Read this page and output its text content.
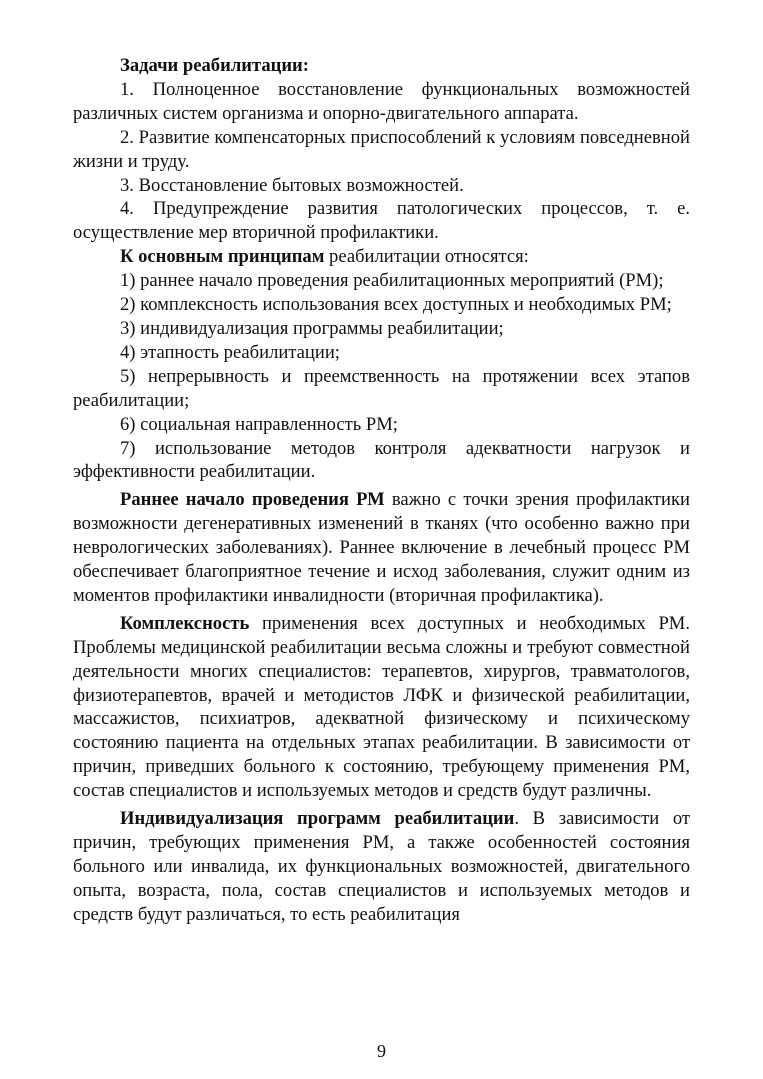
Задачи реабилитации:

1. Полноценное восстановление функциональных возможностей различных систем организма и опорно-двигательного аппарата.

2. Развитие компенсаторных приспособлений к условиям повседневной жизни и труду.

3. Восстановление бытовых возможностей.

4. Предупреждение развития патологических процессов, т. е. осуществление мер вторичной профилактики.

К основным принципам реабилитации относятся:

1) раннее начало проведения реабилитационных мероприятий (РМ);

2) комплексность использования всех доступных и необходимых РМ;

3) индивидуализация программы реабилитации;

4) этапность реабилитации;

5) непрерывность и преемственность на протяжении всех этапов реабилитации;

6) социальная направленность РМ;

7) использование методов контроля адекватности нагрузок и эффективности реабилитации.

Раннее начало проведения РМ важно с точки зрения профилактики возможности дегенеративных изменений в тканях (что особенно важно при неврологических заболеваниях). Раннее включение в лечебный процесс РМ обеспечивает благоприятное течение и исход заболевания, служит одним из моментов профилактики инвалидности (вторичная профилактика).

Комплексность применения всех доступных и необходимых РМ. Проблемы медицинской реабилитации весьма сложны и требуют совместной деятельности многих специалистов: терапевтов, хирургов, травматологов, физиотерапевтов, врачей и методистов ЛФК и физической реабилитации, массажистов, психиатров, адекватной физическому и психическому состоянию пациента на отдельных этапах реабилитации. В зависимости от причин, приведших больного к состоянию, требующему применения РМ, состав специалистов и используемых методов и средств будут различны.

Индивидуализация программ реабилитации. В зависимости от причин, требующих применения РМ, а также особенностей состояния больного или инвалида, их функциональных возможностей, двигательного опыта, возраста, пола, состав специалистов и используемых методов и средств будут различаться, то есть реабилитация

9
